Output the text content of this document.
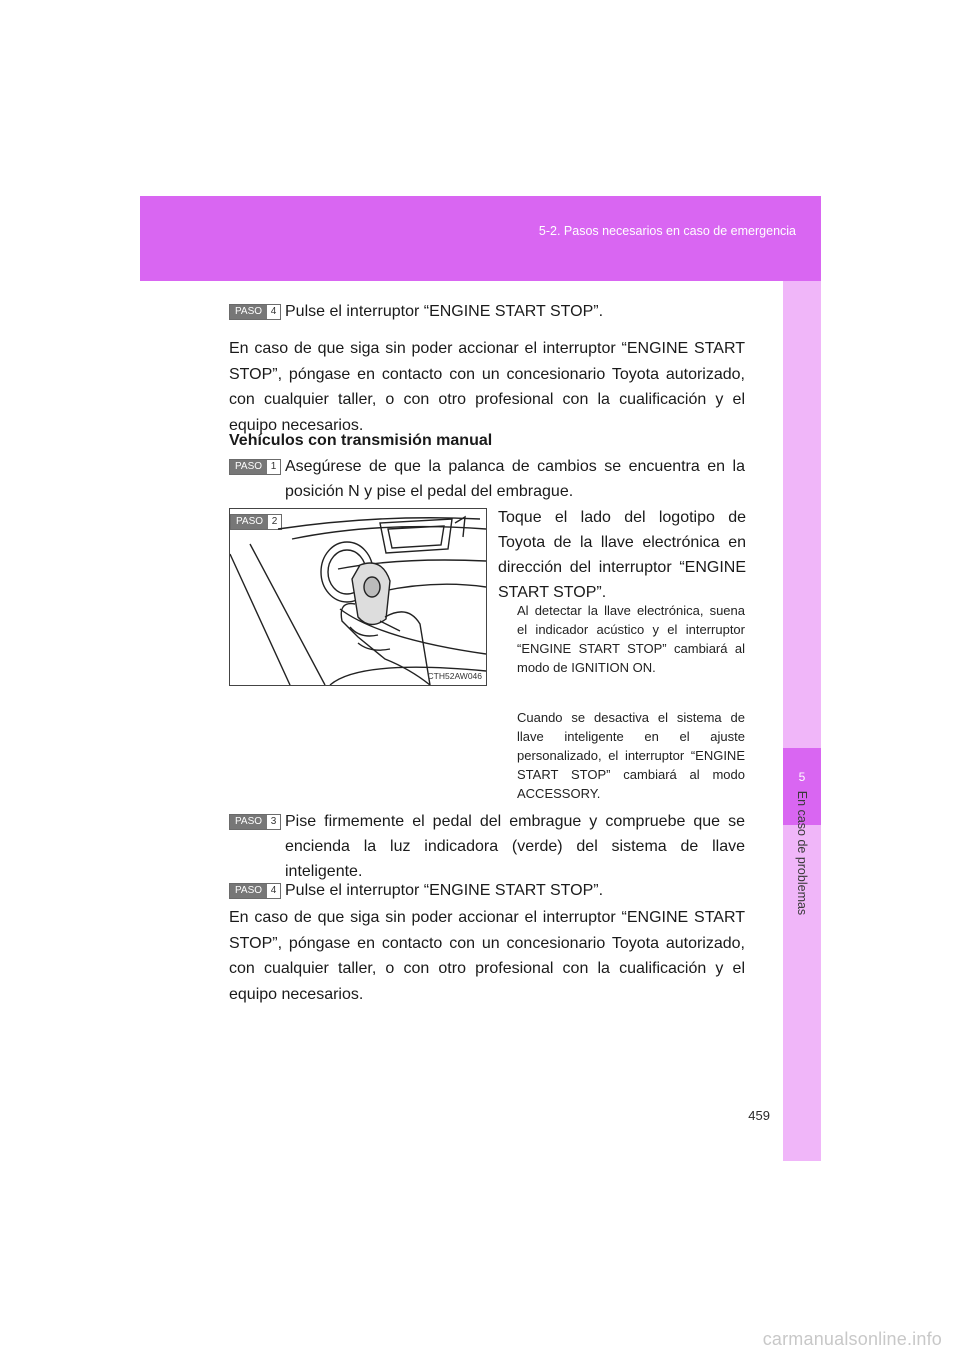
5-2. Pasos necesarios en caso de emergencia
5
En caso de problemas
PASO 4 Pulse el interruptor “ENGINE START STOP”.
En caso de que siga sin poder accionar el interruptor “ENGINE START STOP”, póngase en contacto con un concesionario Toyota autorizado, con cualquier taller, o con otro profesional con la cualificación y el equipo necesarios.
Vehículos con transmisión manual
PASO 1 Asegúrese de que la palanca de cambios se encuentra en la posición N y pise el pedal del embrague.
PASO 2
CTH52AW046
Toque el lado del logotipo de Toyota de la llave electrónica en dirección del interruptor “ENGINE START STOP”.
Al detectar la llave electrónica, suena el indicador acústico y el interruptor “ENGINE START STOP” cambiará al modo de IGNITION ON.
Cuando se desactiva el sistema de llave inteligente en el ajuste personalizado, el interruptor “ENGINE START STOP” cambiará al modo ACCESSORY.
PASO 3 Pise firmemente el pedal del embrague y compruebe que se encienda la luz indicadora (verde) del sistema de llave inteligente.
PASO 4 Pulse el interruptor “ENGINE START STOP”.
En caso de que siga sin poder accionar el interruptor “ENGINE START STOP”, póngase en contacto con un concesionario Toyota autorizado, con cualquier taller, o con otro profesional con la cualificación y el equipo necesarios.
459
carmanualsonline.info
